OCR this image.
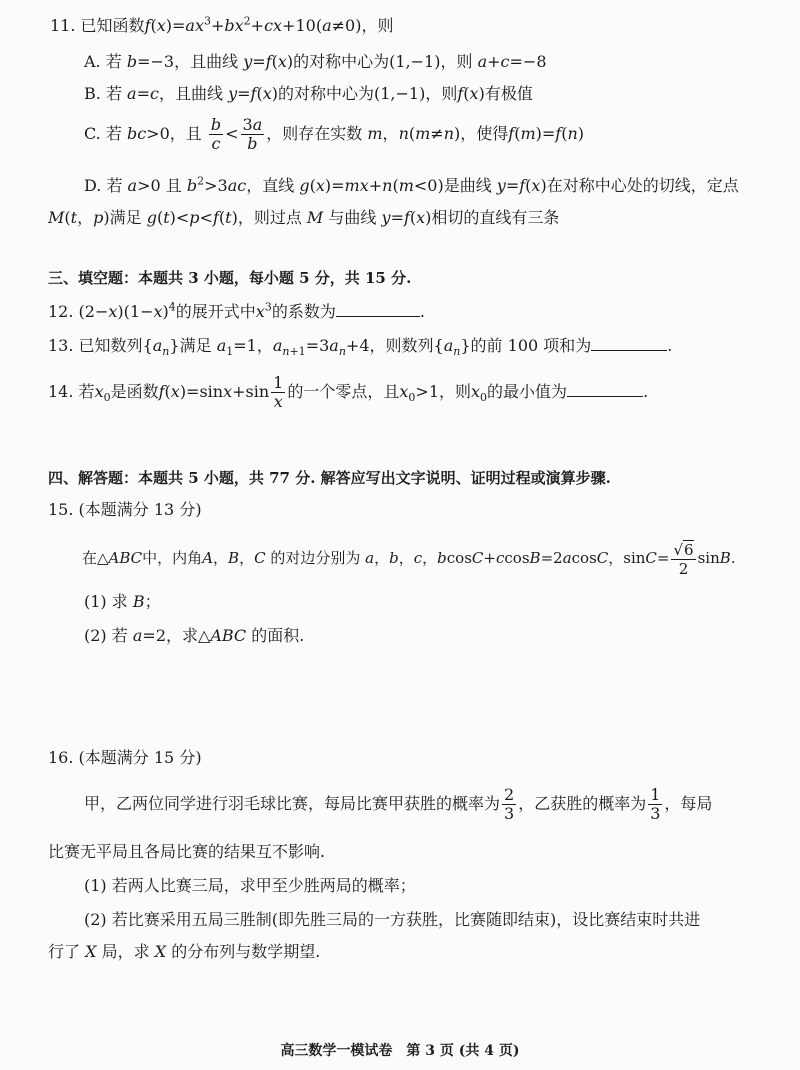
11. 已知函数$f(x)=ax^3+bx^2+cx+10(a\ne 0)$，则
A. 若 b=−3，且曲线 y=f(x)的对称中心为(1,−1)，则 a+c=−8
B. 若 a=c，且曲线 y=f(x)的对称中心为(1,−1)，则f(x)有极值
C. 若 bc>0，且 $\frac{b}{c} < \frac{3a}{b}$ ，则存在实数 m，n(m≠n)，使得f(m)=f(n)
D. 若 a>0 且 $b^2>3ac$，直线 g(x)=mx+n(m<0)是曲线 y=f(x)在对称中心处的切线，定点
M(t，p)满足 g(t)<p<f(t)，则过点 M 与曲线 y=f(x)相切的直线有三条
三、填空题：本题共 3 小题，每小题 5 分，共 15 分.
12. $(2-x)(1-x)^4$的展开式中$x^3$的系数为	.
13. 已知数列$\{a_n\}$满足 $a_1=1$，$a_{n+1}=3a_n+4$，则数列$\{a_n\}$的前 100 项和为	.
14. 若$x_0$是函数$f(x)=\sin x+\sin \frac{1}{x}$ 的一个零点，且$x_0>1$，则$x_0$的最小值为	.
四、解答题：本题共 5 小题，共 77 分. 解答应写出文字说明、证明过程或演算步骤.
15. (本题满分 13 分)
在△ABC中，内角A，B，C 的对边分别为 a，b，c，bcosC+ccosB=2acosC，$\sin C= \frac{√6}{2} \sin B$.
(1) 求 B；
(2) 若 a=2，求△ABC 的面积.
16. (本题满分 15 分)
甲，乙两位同学进行羽毛球比赛，每局比赛甲获胜的概率为 $\frac{2}{3}$ ，乙获胜的概率为 $\frac{1}{3}$ ，每局
比赛无平局且各局比赛的结果互不影响.
(1) 若两人比赛三局，求甲至少胜两局的概率；
(2) 若比赛采用五局三胜制(即先胜三局的一方获胜，比赛随即结束)，设比赛结束时共进
行了 X 局，求 X 的分布列与数学期望.
高三数学一模试卷　第 3 页 (共 4 页)
